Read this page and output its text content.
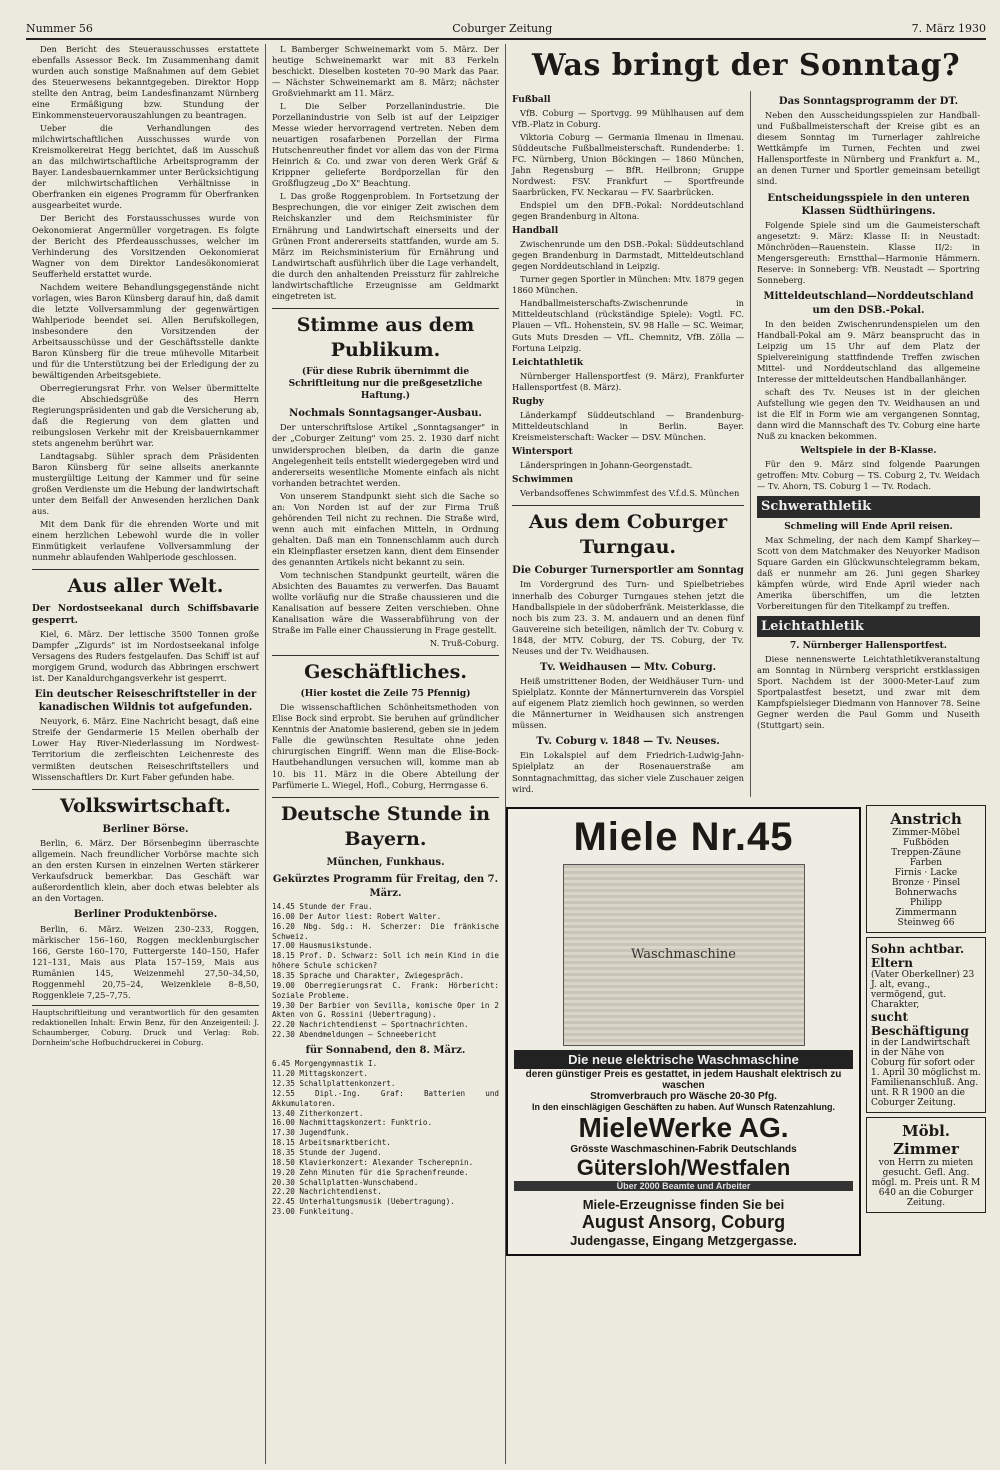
Nummer 56	Coburger Zeitung	7. März 1930

Den Bericht des Steuerausschusses erstattete ebenfalls Assessor Beck. Im Zusammenhang damit wurden auch sonstige Maßnahmen auf dem Gebiet des Steuerwesens bekanntgegeben. Direktor Hopp stellte den Antrag, beim Landesfinanzamt Nürnberg eine Ermäßigung bzw. Stundung der Einkommensteuervorauszahlungen zu beantragen.

Ueber die Verhandlungen des milchwirtschaftlichen Ausschusses wurde von Kreismolkereirat Hegg berichtet, daß im Ausschuß an das milchwirtschaftliche Arbeitsprogramm der Bayer. Landesbauernkammer unter Berücksichtigung der milchwirtschaftlichen Verhältnisse in Oberfranken ein eigenes Programm für Oberfranken ausgearbeitet wurde.

Der Bericht des Forstausschusses wurde von Oekonomierat Angermüller vorgetragen. Es folgte der Bericht des Pferdeausschusses, welcher im Verhinderung des Vorsitzenden Oekonomierat Wagner von dem Direktor Landesökonomierat Seufferheld erstattet wurde.

Nachdem weitere Behandlungsgegenstände nicht vorlagen, wies Baron Künsberg darauf hin, daß damit die letzte Vollversammlung der gegenwärtigen Wahlperiode beendet sei. Allen Berufskollegen, insbesondere den Vorsitzenden der Arbeitsausschüsse und der Geschäftsstelle dankte Baron Künsberg für die treue mühevolle Mitarbeit und für die Unterstützung bei der Erledigung der zu bewältigenden Arbeitsgebiete.

Oberregierungsrat Frhr. von Welser übermittelte die Abschiedsgrüße des Herrn Regierungspräsidenten und gab die Versicherung ab, daß die Regierung von dem glatten und reibungslosen Verkehr mit der Kreisbauernkammer stets angenehm berührt war.

Landtagsabg. Sühler sprach dem Präsidenten Baron Künsberg für seine allseits anerkannte mustergültige Leitung der Kammer und für seine großen Verdienste um die Hebung der landwirtschaft unter dem Beifall der Anwesenden herzlichen Dank aus.

Mit dem Dank für die ehrenden Worte und mit einem herzlichen Lebewohl wurde die in voller Einmütigkeit verlaufene Vollversammlung der nunmehr ablaufenden Wahlperiode geschlossen.

Aus aller Welt.
Der Nordostseekanal durch Schiffsbavarie gesperrt.

Kiel, 6. März. Der lettische 3500 Tonnen große Dampfer „Zigurds" ist im Nordostseekanal infolge Versagens des Ruders festgelaufen. Das Schiff ist auf morgigem Grund, wodurch das Abbringen erschwert ist. Der Kanaldurchgangsverkehr ist gesperrt.

Ein deutscher Reiseschriftsteller in der kanadischen Wildnis tot aufgefunden.

Neuyork, 6. März. Eine Nachricht besagt, daß eine Streife der Gendarmerie 15 Meilen oberhalb der Lower Hay River-Niederlassung im Nordwest-Territorium die zerfleischten Leichenreste des vermißten deutschen Reiseschriftstellers und Wissenschaftlers Dr. Kurt Faber gefunden habe.

Volkswirtschaft.
Berliner Börse.

Berlin, 6. März. Der Börsenbeginn überraschte allgemein. Nach freundlicher Vorbörse machte sich an den ersten Kursen in einzelnen Werten stärkerer Verkaufsdruck bemerkbar. Das Geschäft war außerordentlich klein, aber doch etwas belebter als an den Vortagen.

Berliner Produktenbörse.

Berlin, 6. März. Weizen 230–233, Roggen, märkischer 156–160, Roggen mecklenburgischer 166, Gerste 160–170, Futtergerste 140–150, Hafer 121–131, Mais aus Plata 157–159, Mais aus Rumänien 145, Weizenmehl 27,50–34,50, Roggenmehl 20,75–24, Weizenkleie 8–8,50, Roggenkleie 7,25–7,75.

Hauptschriftleitung und verantwortlich für den gesamten redaktionellen Inhalt: Erwin Benz, für den Anzeigenteil: J. Schaumberger, Coburg. Druck und Verlag: Rob. Dornheim'sche Hofbuchdruckerei in Coburg.

L Bamberger Schweinemarkt vom 5. März. Der heutige Schweinemarkt war mit 83 Ferkeln beschickt. Dieselben kosteten 70–90 Mark das Paar. — Nächster Schweinemarkt am 8. März; nächster Großviehmarkt am 11. März.

L Die Selber Porzellanindustrie. Die Porzellanindustrie von Selb ist auf der Leipziger Messe wieder hervorragend vertreten. Neben dem neuartigen rosafarbenen Porzellan der Firma Hutschenreuther findet vor allem das von der Firma Heinrich & Co. und zwar von deren Werk Gräf & Krippner gelieferte Bordporzellan für den Großflugzeug „Do X" Beachtung.

L Das große Roggenproblem. In Fortsetzung der Besprechungen, die vor einiger Zeit zwischen dem Reichskanzler und dem Reichsminister für Ernährung und Landwirtschaft einerseits und der Grünen Front andererseits stattfanden, wurde am 5. März im Reichsministerium für Ernährung und Landwirtschaft ausführlich über die Lage verhandelt, die durch den anhaltenden Preissturz für zahlreiche landwirtschaftliche Erzeugnisse am Geldmarkt eingetreten ist.

Stimme aus dem Publikum.
(Für diese Rubrik übernimmt die Schriftleitung nur die preßgesetzliche Haftung.)
Nochmals Sonntagsanger-Ausbau.

Der unterschriftslose Artikel „Sonntagsanger" in der „Coburger Zeitung" vom 25. 2. 1930 darf nicht unwidersprochen bleiben, da darin die ganze Angelegenheit teils entstellt wiedergegeben wird und andererseits wesentliche Momente einfach als nicht vorhanden betrachtet werden.

Von unserem Standpunkt sieht sich die Sache so an: Von Norden ist auf der zur Firma Truß gehörenden Teil nicht zu rechnen. Die Straße wird, wenn auch mit einfachen Mitteln, in Ordnung gehalten. Daß man ein Tonnenschlamm auch durch ein Kleinpflaster ersetzen kann, dient dem Einsender des genannten Artikels nicht bekannt zu sein.

Vom technischen Standpunkt geurteilt, wären die Absichten des Bauamtes zu verwerfen. Das Bauamt wollte vorläufig nur die Straße chaussieren und die Kanalisation auf bessere Zeiten verschieben. Ohne Kanalisation wäre die Wasserabführung von der Straße im Falle einer Chaussierung in Frage gestellt.

N. Truß-Coburg.

Geschäftliches.
(Hier kostet die Zeile 75 Pfennig)

Die wissenschaftlichen Schönheitsmethoden von Elise Bock sind erprobt. Sie beruhen auf gründlicher Kenntnis der Anatomie basierend, geben sie in jedem Falle die gewünschten Resultate ohne jeden chirurgischen Eingriff. Wenn man die Elise-Bock-Hautbehandlungen versuchen will, komme man ab 10. bis 11. März in die Obere Abteilung der Parfümerie L. Wiegel, Hofl., Coburg, Herrngasse 6.

Deutsche Stunde in Bayern.
München, Funkhaus.
Gekürztes Programm für Freitag, den 7. März.
14.45 Stunde der Frau.
16.00 Der Autor liest: Robert Walter.
16.20 Nbg. Sdg.: H. Scherzer: Die fränkische Schweiz.
17.00 Hausmusikstunde.
18.15 Prof. D. Schwarz: Soll ich mein Kind in die höhere Schule schicken?
18.35 Sprache und Charakter, Zwiegespräch.
19.00 Oberregierungsrat C. Frank: Hörbericht: Soziale Probleme.
19.30 Der Barbier von Sevilla, komische Oper in 2 Akten von G. Rossini (Uebertragung).
22.20 Nachrichtendienst — Sportnachrichten.
22.30 Abendmeldungen — Schneebericht
für Sonnabend, den 8. März.
6.45 Morgengymnastik I.
11.20 Mittagskonzert.
12.35 Schallplattenkonzert.
12.55 Dipl.-Ing. Graf: Batterien und Akkumulatoren.
13.40 Zitherkonzert.
16.00 Nachmittagskonzert: Funktrio.
17.30 Jugendfunk.
18.15 Arbeitsmarktbericht.
18.35 Stunde der Jugend.
18.50 Klavierkonzert: Alexander Tscherepnin.
19.20 Zehn Minuten für die Sprachenfreunde.
20.30 Schallplatten-Wunschabend.
22.20 Nachrichtendienst.
22.45 Unterhaltungsmusik (Uebertragung).
23.00 Funkleitung.
Was bringt der Sonntag?
Fußball

VfB. Coburg — Sportvgg. 99 Mühlhausen auf dem VfB.-Platz in Coburg.

Viktoria Coburg — Germania Ilmenau in Ilmenau. Süddeutsche Fußballmeisterschaft. Rundenderbe: 1. FC. Nürnberg, Union Böckingen — 1860 München, Jahn Regensburg — BfR. Heilbronn; Gruppe Nordwest: FSV. Frankfurt — Sportfreunde Saarbrücken, FV. Neckarau — FV. Saarbrücken.

Endspiel um den DFB.-Pokal: Norddeutschland gegen Brandenburg in Altona.

Handball

Zwischenrunde um den DSB.-Pokal: Süddeutschland gegen Brandenburg in Darmstadt, Mitteldeutschland gegen Norddeutschland in Leipzig.

Turner gegen Sportler in München: Mtv. 1879 gegen 1860 München.

Handballmeisterschafts-Zwischenrunde in Mitteldeutschland (rückständige Spiele): Vogtl. FC. Plauen — VfL. Hohenstein, SV. 98 Halle — SC. Weimar, Guts Muts Dresden — VfL. Chemnitz, VfB. Zölla — Fortuna Leipzig.

Leichtathletik

Nürnberger Hallensportfest (9. März), Frankfurter Hallensportfest (8. März).

Rugby

Länderkampf Süddeutschland — Brandenburg-Mitteldeutschland in Berlin. Bayer. Kreismeisterschaft: Wacker — DSV. München.

Wintersport

Länderspringen in Johann-Georgenstadt.

Schwimmen

Verbandsoffenes Schwimmfest des V.f.d.S. München

Aus dem Coburger Turngau.
Die Coburger Turnersportler am Sonntag

Im Vordergrund des Turn- und Spielbetriebes innerhalb des Coburger Turngaues stehen jetzt die Handballspiele in der südoberfränk. Meisterklasse, die noch bis zum 23. 3. M. andauern und an denen fünf Gauvereine sich beteiligen, nämlich der Tv. Coburg v. 1848, der MTV. Coburg, der TS. Coburg, der Tv. Neuses und der Tv. Weidhausen.

Tv. Weidhausen — Mtv. Coburg.

Heiß umstrittener Boden, der Weidhäuser Turn- und Spielplatz. Konnte der Männerturnverein das Vorspiel auf eigenem Platz ziemlich hoch gewinnen, so werden die Männerturner in Weidhausen sich anstrengen müssen.

Tv. Coburg v. 1848 — Tv. Neuses.

Ein Lokalspiel auf dem Friedrich-Ludwig-Jahn-Spielplatz an der Rosenauerstraße am Sonntagnachmittag, das sicher viele Zuschauer zeigen wird.

Das Sonntagsprogramm der DT.

Neben den Ausscheidungsspielen zur Handball- und Fußballmeisterschaft der Kreise gibt es an diesem Sonntag im Turnerlager zahlreiche Wettkämpfe im Turnen, Fechten und zwei Hallensportfeste in Nürnberg und Frankfurt a. M., an denen Turner und Sportler gemeinsam beteiligt sind.

Entscheidungsspiele in den unteren Klassen Südthüringens.

Folgende Spiele sind um die Gaumeisterschaft angesetzt: 9. März: Klasse II: in Neustadt: Mönchröden—Rauenstein. Klasse II/2: in Mengersgereuth: Ernstthal—Harmonie Hämmern. Reserve: in Sonneberg: VfB. Neustadt — Sportring Sonneberg.

Mitteldeutschland—Norddeutschland um den DSB.-Pokal.

In den beiden Zwischenrundenspielen um den Handball-Pokal am 9. März beansprucht das in Leipzig um 15 Uhr auf dem Platz der Spielvereinigung stattfindende Treffen zwischen Mittel- und Norddeutschland das allgemeine Interesse der mitteldeutschen Handballanhänger.

schaft des Tv. Neuses ist in der gleichen Aufstellung wie gegen den Tv. Weidhausen an und ist die Elf in Form wie am vergangenen Sonntag, dann wird die Mannschaft des Tv. Coburg eine harte Nuß zu knacken bekommen.

Weltspiele in der B-Klasse.

Für den 9. März sind folgende Paarungen getroffen: Mtv. Coburg — TS. Coburg 2, Tv. Weidach — Tv. Ahorn, TS. Coburg 1 — Tv. Rodach.

Schwerathletik
Schmeling will Ende April reisen.

Max Schmeling, der nach dem Kampf Sharkey—Scott von dem Matchmaker des Neuyorker Madison Square Garden ein Glückwunschtelegramm bekam, daß er nunmehr am 26. Juni gegen Sharkey kämpfen würde, wird Ende April wieder nach Amerika überschiffen, um die letzten Vorbereitungen für den Titelkampf zu treffen.

Leichtathletik
7. Nürnberger Hallensportfest.

Diese nennenswerte Leichtathletikveranstaltung am Sonntag in Nürnberg verspricht erstklassigen Sport. Nachdem ist der 3000-Meter-Lauf zum Sportpalastfest besetzt, und zwar mit dem Kampfspielsieger Diedmann von Hannover 78. Seine Gegner werden die Paul Gomm und Nuseith (Stuttgart) sein.

Miele Nr.45
Waschmaschine
Die neue elektrische Waschmaschine
deren günstiger Preis es gestattet, in jedem Haushalt elektrisch zu waschen
Stromverbrauch pro Wäsche 20-30 Pfg.
In den einschlägigen Geschäften zu haben. Auf Wunsch Ratenzahlung.
MieleWerke AG.
Grösste Waschmaschinen-Fabrik Deutschlands
Gütersloh/Westfalen
Über 2000 Beamte und Arbeiter
Miele-Erzeugnisse finden Sie bei
August Ansorg, Coburg
Judengasse, Eingang Metzgergasse.
Anstrich
Zimmer-Möbel
Fußböden
Treppen-Zäune
Farben
Firnis · Lacke
Bronze · Pinsel
Bohnerwachs
Philipp
Zimmermann
Steinweg 66
Sohn achtbar. Eltern
(Vater Oberkellner) 23 J. alt, evang., vermögend, gut. Charakter,
sucht Beschäftigung
in der Landwirtschaft in der Nähe von Coburg für sofort oder 1. April 30 möglichst m. Familienanschluß. Ang. unt. R R 1900 an die Coburger Zeitung.
Möbl. Zimmer
von Herrn zu mieten gesucht. Gefl. Ang. mögl. m. Preis unt. R M 640 an die Coburger Zeitung.
